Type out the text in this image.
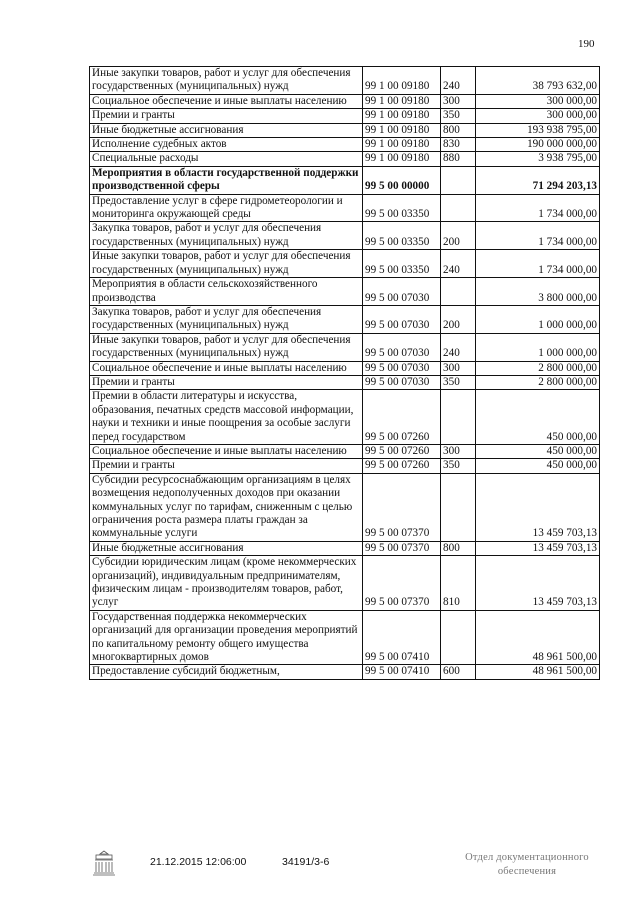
190
Иные закупки товаров, работ и услуг для обеспечения государственных (муниципальных) нужд	99 1 00 09180	240	38 793 632,00
Социальное обеспечение и иные выплаты населению	99 1 00 09180	300	300 000,00
Премии и гранты	99 1 00 09180	350	300 000,00
Иные бюджетные ассигнования	99 1 00 09180	800	193 938 795,00
Исполнение судебных актов	99 1 00 09180	830	190 000 000,00
Специальные расходы	99 1 00 09180	880	3 938 795,00
Мероприятия в области государственной поддержки производственной сферы	99 5 00 00000		71 294 203,13
Предоставление услуг в сфере гидрометеорологии и мониторинга окружающей среды	99 5 00 03350		1 734 000,00
Закупка товаров, работ и услуг для обеспечения государственных (муниципальных) нужд	99 5 00 03350	200	1 734 000,00
Иные закупки товаров, работ и услуг для обеспечения государственных (муниципальных) нужд	99 5 00 03350	240	1 734 000,00
Мероприятия в области сельскохозяйственного производства	99 5 00 07030		3 800 000,00
Закупка товаров, работ и услуг для обеспечения государственных (муниципальных) нужд	99 5 00 07030	200	1 000 000,00
Иные закупки товаров, работ и услуг для обеспечения государственных (муниципальных) нужд	99 5 00 07030	240	1 000 000,00
Социальное обеспечение и иные выплаты населению	99 5 00 07030	300	2 800 000,00
Премии и гранты	99 5 00 07030	350	2 800 000,00
Премии в области литературы и искусства, образования, печатных средств массовой информации, науки и техники и иные поощрения за особые заслуги перед государством	99 5 00 07260		450 000,00
Социальное обеспечение и иные выплаты населению	99 5 00 07260	300	450 000,00
Премии и гранты	99 5 00 07260	350	450 000,00
Субсидии ресурсоснабжающим организациям в целях возмещения недополученных доходов при оказании коммунальных услуг по тарифам, сниженным с целью ограничения роста размера платы граждан за коммунальные услуги	99 5 00 07370		13 459 703,13
Иные бюджетные ассигнования	99 5 00 07370	800	13 459 703,13
Субсидии юридическим лицам (кроме некоммерческих организаций), индивидуальным предпринимателям, физическим лицам - производителям товаров, работ, услуг	99 5 00 07370	810	13 459 703,13
Государственная поддержка некоммерческих организаций для организации проведения мероприятий по капитальному ремонту общего имущества многоквартирных домов	99 5 00 07410		48 961 500,00
Предоставление субсидий бюджетным,	99 5 00 07410	600	48 961 500,00
21.12.2015 12:06:00	34191/3-6	Отдел документационного
обеспечения
